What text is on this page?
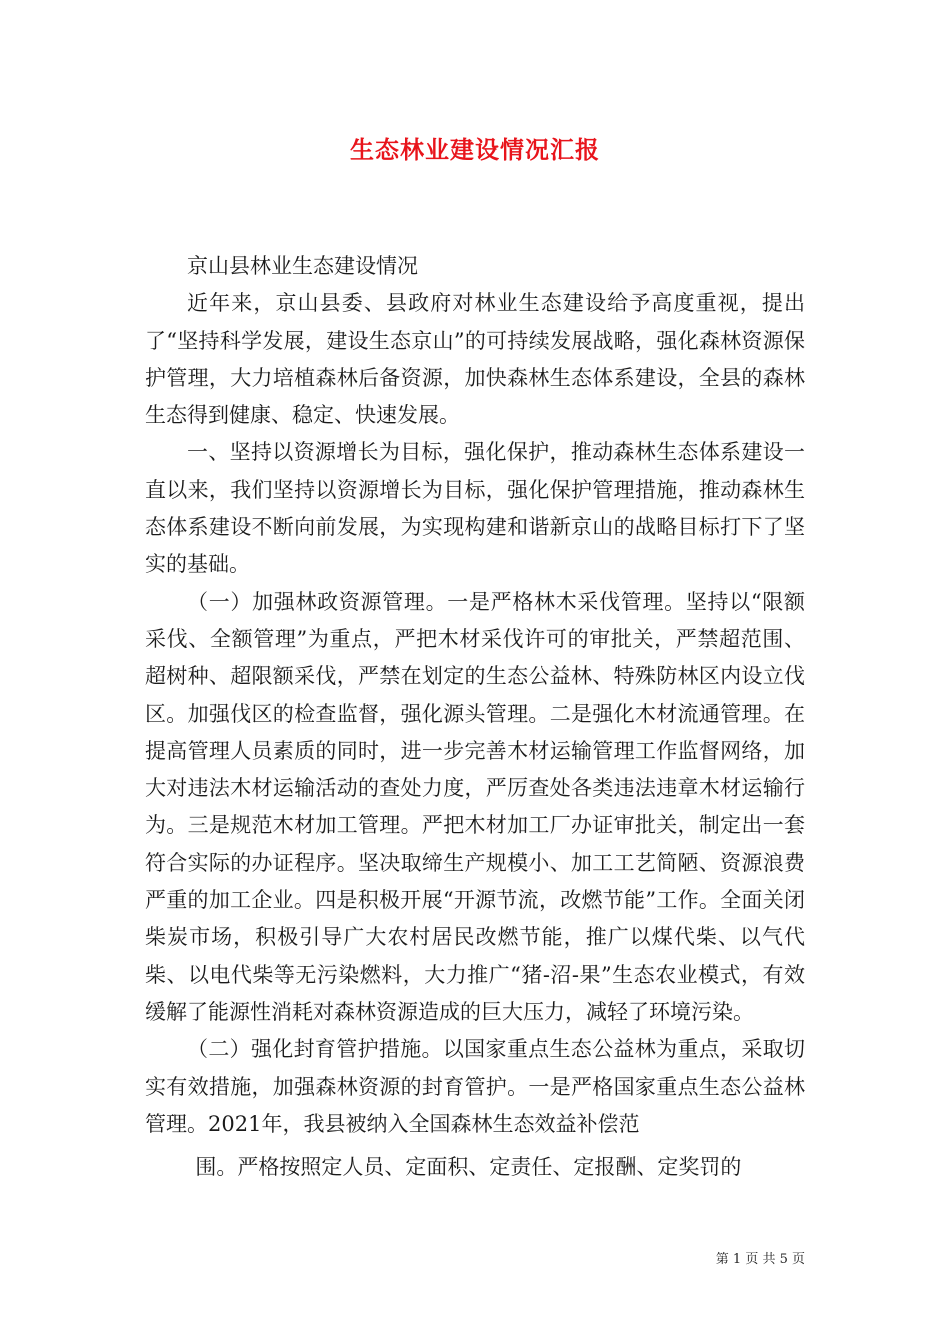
生态林业建设情况汇报

京山县林业生态建设情况

近年来，京山县委、县政府对林业生态建设给予高度重视，提出了“坚持科学发展，建设生态京山”的可持续发展战略，强化森林资源保护管理，大力培植森林后备资源，加快森林生态体系建设，全县的森林生态得到健康、稳定、快速发展。

一、坚持以资源增长为目标，强化保护，推动森林生态体系建设一直以来，我们坚持以资源增长为目标，强化保护管理措施，推动森林生态体系建设不断向前发展，为实现构建和谐新京山的战略目标打下了坚实的基础。

（一）加强林政资源管理。一是严格林木采伐管理。坚持以“限额采伐、全额管理”为重点，严把木材采伐许可的审批关，严禁超范围、超树种、超限额采伐，严禁在划定的生态公益林、特殊防林区内设立伐区。加强伐区的检查监督，强化源头管理。二是强化木材流通管理。在提高管理人员素质的同时，进一步完善木材运输管理工作监督网络，加大对违法木材运输活动的查处力度，严厉查处各类违法违章木材运输行为。三是规范木材加工管理。严把木材加工厂办证审批关，制定出一套符合实际的办证程序。坚决取缔生产规模小、加工工艺简陋、资源浪费严重的加工企业。四是积极开展“开源节流，改燃节能”工作。全面关闭柴炭市场，积极引导广大农村居民改燃节能，推广以煤代柴、以气代柴、以电代柴等无污染燃料，大力推广“猪-沼-果”生态农业模式，有效缓解了能源性消耗对森林资源造成的巨大压力，减轻了环境污染。

（二）强化封育管护措施。以国家重点生态公益林为重点，采取切实有效措施，加强森林资源的封育管护。一是严格国家重点生态公益林管理。2021年，我县被纳入全国森林生态效益补偿范

围。严格按照定人员、定面积、定责任、定报酬、定奖罚的

第 1 页 共 5 页
